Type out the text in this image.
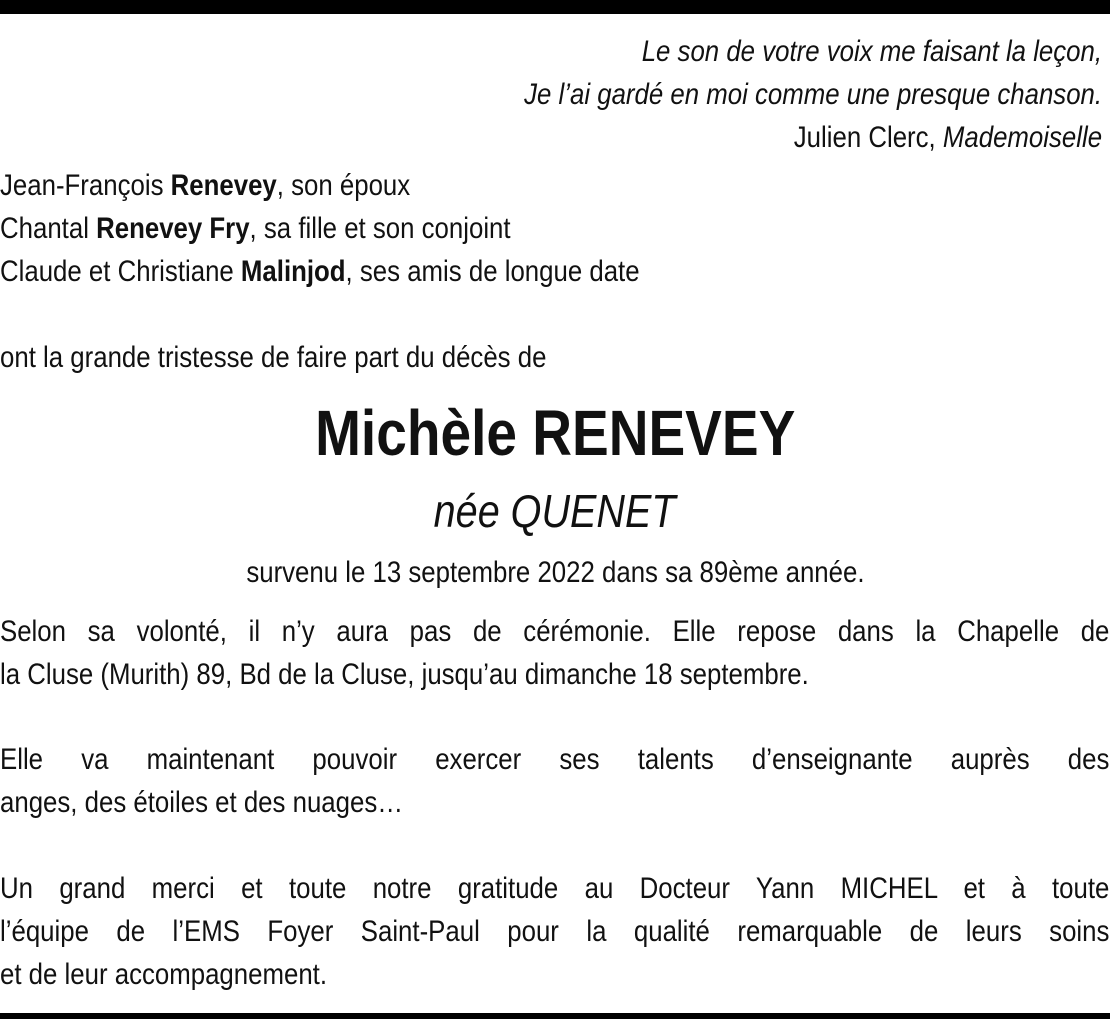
Le son de votre voix me faisant la leçon,
Je l’ai gardé en moi comme une presque chanson.
Julien Clerc, Mademoiselle
Jean-François Renevey, son époux
Chantal Renevey Fry, sa fille et son conjoint
Claude et Christiane Malinjod, ses amis de longue date
ont la grande tristesse de faire part du décès de
Michèle RENEVEY
née QUENET
survenu le 13 septembre 2022 dans sa 89ème année.
Selon sa volonté, il n’y aura pas de cérémonie. Elle repose dans la Chapelle de
la Cluse (Murith) 89, Bd de la Cluse, jusqu’au dimanche 18 septembre.
Elle va maintenant pouvoir exercer ses talents d’enseignante auprès des
anges, des étoiles et des nuages…
Un grand merci et toute notre gratitude au Docteur Yann MICHEL et à toute
l’équipe de l’EMS Foyer Saint-Paul pour la qualité remarquable de leurs soins
et de leur accompagnement.
